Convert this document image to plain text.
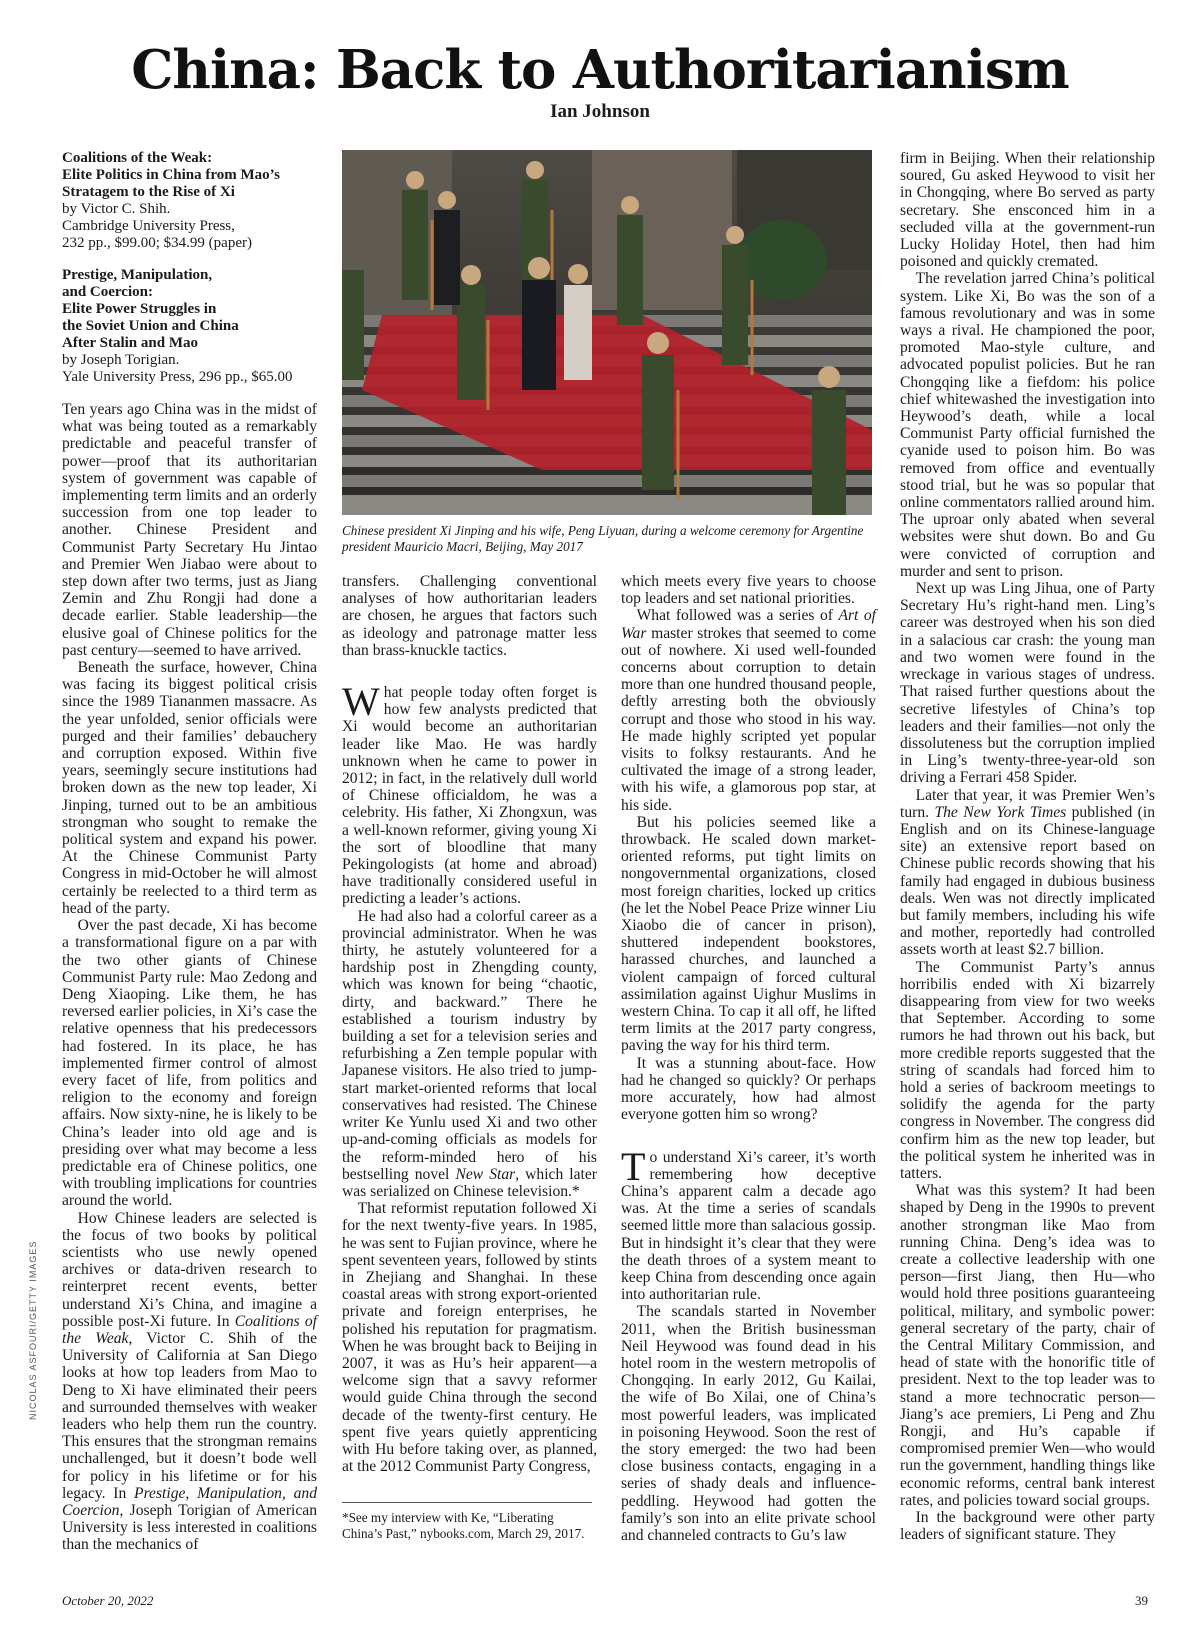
China: Back to Authoritarianism
Ian Johnson
Coalitions of the Weak:
Elite Politics in China from Mao’s
Stratagem to the Rise of Xi
by Victor C. Shih.
Cambridge University Press,
232 pp., $99.00; $34.99 (paper)
Prestige, Manipulation,
and Coercion:
Elite Power Struggles in
the Soviet Union and China
After Stalin and Mao
by Joseph Torigian.
Yale University Press, 296 pp., $65.00

Ten years ago China was in the midst of what was being touted as a remarkably predictable and peaceful transfer of power—proof that its authoritarian system of government was capable of implementing term limits and an orderly succession from one top leader to another. Chinese President and Communist Party Secretary Hu Jintao and Premier Wen Jiabao were about to step down after two terms, just as Jiang Zemin and Zhu Rongji had done a decade earlier. Stable leadership—the elusive goal of Chinese politics for the past century—seemed to have arrived.

Beneath the surface, however, China was facing its biggest political crisis since the 1989 Tiananmen massacre. As the year unfolded, senior officials were purged and their families’ debauchery and corruption exposed. Within five years, seemingly secure institutions had broken down as the new top leader, Xi Jinping, turned out to be an ambitious strongman who sought to remake the political system and expand his power. At the Chinese Communist Party Congress in mid-October he will almost certainly be reelected to a third term as head of the party.

Over the past decade, Xi has become a transformational figure on a par with the two other giants of Chinese Communist Party rule: Mao Zedong and Deng Xiaoping. Like them, he has reversed earlier policies, in Xi’s case the relative openness that his predecessors had fostered. In its place, he has implemented firmer control of almost every facet of life, from politics and religion to the economy and foreign affairs. Now sixty-nine, he is likely to be China’s leader into old age and is presiding over what may become a less predictable era of Chinese politics, one with troubling implications for countries around the world.

How Chinese leaders are selected is the focus of two books by political scientists who use newly opened archives or data-driven research to reinterpret recent events, better understand Xi’s China, and imagine a possible post-Xi future. In Coalitions of the Weak, Victor C. Shih of the University of California at San Diego looks at how top leaders from Mao to Deng to Xi have eliminated their peers and surrounded themselves with weaker leaders who help them run the country. This ensures that the strongman remains unchallenged, but it doesn’t bode well for policy in his lifetime or for his legacy. In Prestige, Manipulation, and Coercion, Joseph Torigian of American University is less interested in coalitions than the mechanics of

Chinese president Xi Jinping and his wife, Peng Liyuan, during a welcome ceremony for Argentine president Mauricio Macri, Beijing, May 2017

transfers. Challenging conventional analyses of how authoritarian leaders are chosen, he argues that factors such as ideology and patronage matter less than brass-knuckle tactics.

What people today often forget is how few analysts predicted that Xi would become an authoritarian leader like Mao. He was hardly unknown when he came to power in 2012; in fact, in the relatively dull world of Chinese officialdom, he was a celebrity. His father, Xi Zhongxun, was a well-known reformer, giving young Xi the sort of bloodline that many Pekingologists (at home and abroad) have traditionally considered useful in predicting a leader’s actions.

He had also had a colorful career as a provincial administrator. When he was thirty, he astutely volunteered for a hardship post in Zhengding county, which was known for being “chaotic, dirty, and backward.” There he established a tourism industry by building a set for a television series and refurbishing a Zen temple popular with Japanese visitors. He also tried to jump-start market-oriented reforms that local conservatives had resisted. The Chinese writer Ke Yunlu used Xi and two other up-and-coming officials as models for the reform-minded hero of his bestselling novel New Star, which later was serialized on Chinese television.*

That reformist reputation followed Xi for the next twenty-five years. In 1985, he was sent to Fujian province, where he spent seventeen years, followed by stints in Zhejiang and Shanghai. In these coastal areas with strong export-oriented private and foreign enterprises, he polished his reputation for pragmatism. When he was brought back to Beijing in 2007, it was as Hu’s heir apparent—a welcome sign that a savvy reformer would guide China through the second decade of the twenty-first century. He spent five years quietly apprenticing with Hu before taking over, as planned, at the 2012 Communist Party Congress,

*See my interview with Ke, “Liberating China’s Past,” nybooks.com, March 29, 2017.

which meets every five years to choose top leaders and set national priorities.

What followed was a series of Art of War master strokes that seemed to come out of nowhere. Xi used well-founded concerns about corruption to detain more than one hundred thousand people, deftly arresting both the obviously corrupt and those who stood in his way. He made highly scripted yet popular visits to folksy restaurants. And he cultivated the image of a strong leader, with his wife, a glamorous pop star, at his side.

But his policies seemed like a throwback. He scaled down market-oriented reforms, put tight limits on nongovernmental organizations, closed most foreign charities, locked up critics (he let the Nobel Peace Prize winner Liu Xiaobo die of cancer in prison), shuttered independent bookstores, harassed churches, and launched a violent campaign of forced cultural assimilation against Uighur Muslims in western China. To cap it all off, he lifted term limits at the 2017 party congress, paving the way for his third term.

It was a stunning about-face. How had he changed so quickly? Or perhaps more accurately, how had almost everyone gotten him so wrong?

To understand Xi’s career, it’s worth remembering how deceptive China’s apparent calm a decade ago was. At the time a series of scandals seemed little more than salacious gossip. But in hindsight it’s clear that they were the death throes of a system meant to keep China from descending once again into authoritarian rule.

The scandals started in November 2011, when the British businessman Neil Heywood was found dead in his hotel room in the western metropolis of Chongqing. In early 2012, Gu Kailai, the wife of Bo Xilai, one of China’s most powerful leaders, was implicated in poisoning Heywood. Soon the rest of the story emerged: the two had been close business contacts, engaging in a series of shady deals and influence-peddling. Heywood had gotten the family’s son into an elite private school and channeled contracts to Gu’s law

firm in Beijing. When their relationship soured, Gu asked Heywood to visit her in Chongqing, where Bo served as party secretary. She ensconced him in a secluded villa at the government-run Lucky Holiday Hotel, then had him poisoned and quickly cremated.

The revelation jarred China’s political system. Like Xi, Bo was the son of a famous revolutionary and was in some ways a rival. He championed the poor, promoted Mao-style culture, and advocated populist policies. But he ran Chongqing like a fiefdom: his police chief whitewashed the investigation into Heywood’s death, while a local Communist Party official furnished the cyanide used to poison him. Bo was removed from office and eventually stood trial, but he was so popular that online commentators rallied around him. The uproar only abated when several websites were shut down. Bo and Gu were convicted of corruption and murder and sent to prison.

Next up was Ling Jihua, one of Party Secretary Hu’s right-hand men. Ling’s career was destroyed when his son died in a salacious car crash: the young man and two women were found in the wreckage in various stages of undress. That raised further questions about the secretive lifestyles of China’s top leaders and their families—not only the dissoluteness but the corruption implied in Ling’s twenty-three-year-old son driving a Ferrari 458 Spider.

Later that year, it was Premier Wen’s turn. The New York Times published (in English and on its Chinese-language site) an extensive report based on Chinese public records showing that his family had engaged in dubious business deals. Wen was not directly implicated but family members, including his wife and mother, reportedly had controlled assets worth at least $2.7 billion.

The Communist Party’s annus horribilis ended with Xi bizarrely disappearing from view for two weeks that September. According to some rumors he had thrown out his back, but more credible reports suggested that the string of scandals had forced him to hold a series of backroom meetings to solidify the agenda for the party congress in November. The congress did confirm him as the new top leader, but the political system he inherited was in tatters.

What was this system? It had been shaped by Deng in the 1990s to prevent another strongman like Mao from running China. Deng’s idea was to create a collective leadership with one person—first Jiang, then Hu—who would hold three positions guaranteeing political, military, and symbolic power: general secretary of the party, chair of the Central Military Commission, and head of state with the honorific title of president. Next to the top leader was to stand a more technocratic person—Jiang’s ace premiers, Li Peng and Zhu Rongji, and Hu’s capable if compromised premier Wen—who would run the government, handling things like economic reforms, central bank interest rates, and policies toward social groups.

In the background were other party leaders of significant stature. They

NICOLAS ASFOURI/GETTY IMAGES
October 20, 2022	39
